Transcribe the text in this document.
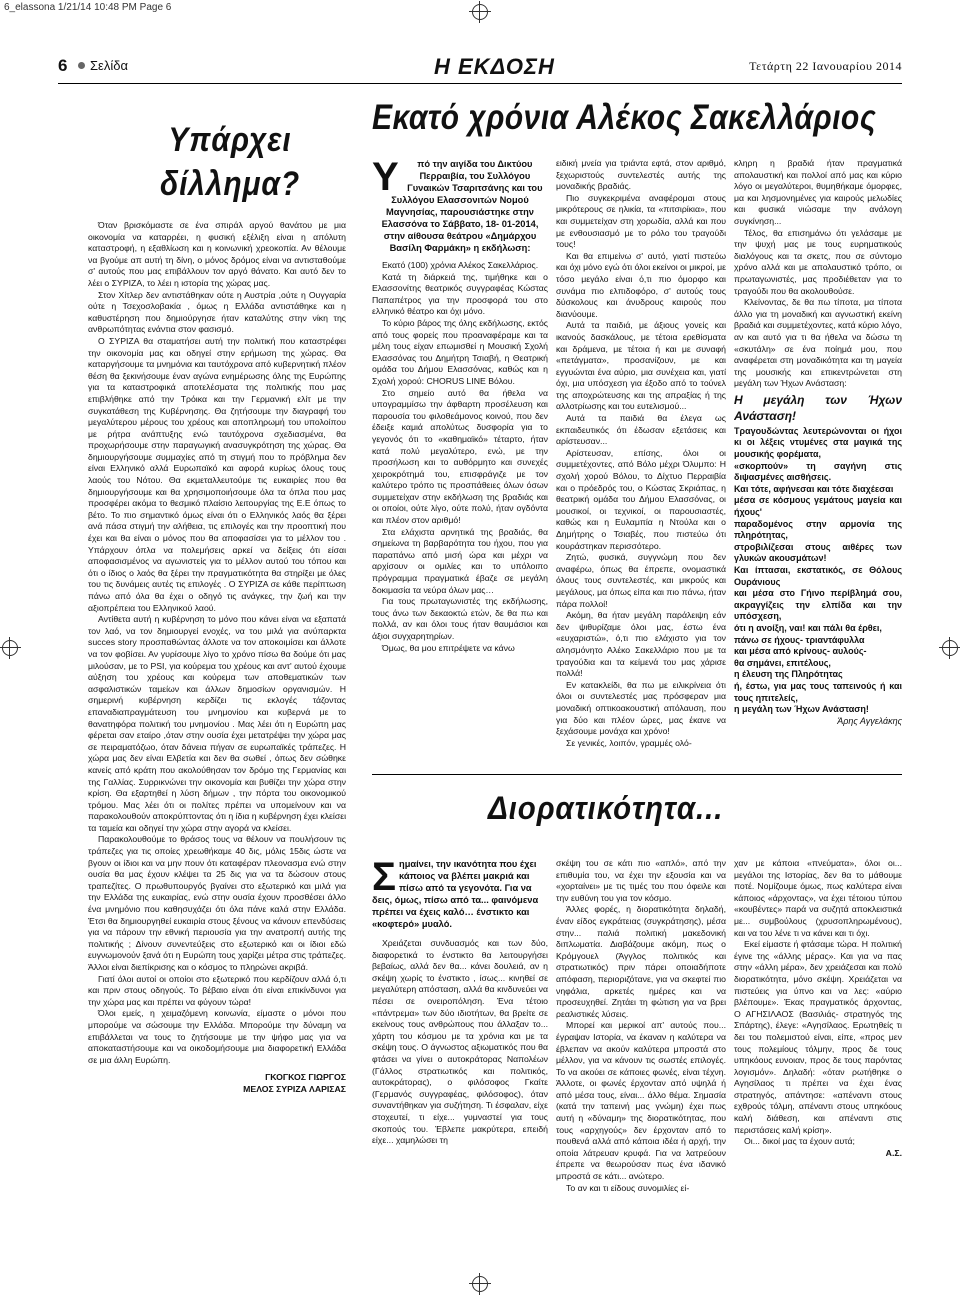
6_elassona 1/21/14 10:48 PM Page 6
6 Σελίδα	Η ΕΚΔΟΣΗ	Τετάρτη 22 Ιανουαρίου 2014
Υπάρχει
δίλλημα?

Όταν βρισκόμαστε σε ένα σπιράλ αργού θανάτου με μια οικονομία να καταρρέει, η φυσική εξέλιξη είναι η απόλυτη καταστροφή, η εξαθλίωση και η κοινωνική χρεοκοπία. Αν θέλουμε να βγούμε απ αυτή τη δίνη, ο μόνος δρόμος είναι να αντισταθούμε σ' αυτούς που μας επιβάλλουν τον αργό θάνατο. Και αυτό δεν το λέει ο ΣΥΡΙΖΑ, το λέει η ιστορία της χώρας μας.

Στον Χίτλερ δεν αντιστάθηκαν ούτε η Αυστρία ,ούτε η Ουγγαρία ούτε η Τσεχοσλοβακία , όμως η Ελλάδα αντιστάθηκε και η καθυστέρηση που δημιούργησε ήταν καταλύτης στην νίκη της ανθρωπότητας ενάντια στον φασισμό.

Ο ΣΥΡΙΖΑ θα σταματήσει αυτή την πολιτική που καταστρέφει την οικονομία μας και οδηγεί στην ερήμωση της χώρας. Θα καταργήσουμε τα μνημόνια και ταυτόχρονα από κυβερνητική πλέον θέση θα ξεκινήσουμε έναν αγώνα ενημέρωσης όλης της Ευρώπης για τα καταστροφικά αποτελέσματα της πολιτικής που μας επιβλήθηκε από την Τρόικα και την Γερμανική ελίτ με την συγκατάθεση της Κυβέρνησης. Θα ζητήσουμε την διαγραφή του μεγαλύτερου μέρους του χρέους και αποπληρωμή του υπολοίπου με ρήτρα ανάπτυξης ενώ ταυτόχρονα σχεδιασμένα, θα προχωρήσουμε στην παραγωγική ανασυγκρότηση της χώρας. Θα δημιουργήσουμε συμμαχίες από τη στιγμή που το πρόβλημα δεν είναι Ελληνικό αλλά Ευρωπαϊκό και αφορά κυρίως όλους τους λαούς του Νότου. Θα εκμεταλλευτούμε τις ευκαιρίες που θα δημιουργήσουμε και θα χρησιμοποιήσουμε όλα τα όπλα που μας προσφέρει ακόμα το θεσμικό πλαίσιο λειτουργίας της Ε.Ε όπως το βέτο. Το πιο σημαντικό όμως είναι ότι ο Ελληνικός λαός θα ξέρει ανά πάσα στιγμή την αλήθεια, τις επιλογές και την προοπτική που έχει και θα είναι ο μόνος που θα αποφασίσει για το μέλλον του . Υπάρχουν όπλα να πολεμήσεις αρκεί να δείξεις ότι είσαι αποφασισμένος να αγωνιστείς για το μέλλον αυτού του τόπου και ότι ο ίδιος ο λαός θα ξέρει την πραγματικότητα θα στηρίξει με όλες του τις δυνάμεις αυτές τις επιλογές . Ο ΣΥΡΙΖΑ σε κάθε περίπτωση πάνω από όλα θα έχει ο οδηγό τις ανάγκες, την ζωή και την αξιοπρέπεια του Ελληνικού λαού.

Αντίθετα αυτή η κυβέρνηση το μόνο που κάνει είναι να εξαπατά τον λαό, να τον δημιουργεί ενοχές, να του μιλά για ανύπαρκτα succes story προσπαθώντας άλλοτε να τον αποκοιμίσει και άλλοτε να τον φοβίσει. Αν γυρίσουμε λίγο το χρόνο πίσω θα δούμε ότι μας μιλούσαν, με το PSI, για κούρεμα του χρέους και αντ' αυτού έχουμε αύξηση του χρέους και κούρεμα των αποθεματικών των ασφαλιστικών ταμείων και άλλων δημοσίων οργανισμών. Η σημερινή κυβέρνηση κερδίζει τις εκλογές τάζοντας επαναδιαπραγμάτευση του μνημονίου και κυβερνά με το θανατηφόρα πολιτική του μνημονίου . Μας λέει ότι η Ευρώπη μας φέρεται σαν εταίρο ,όταν στην ουσία έχει μετατρέψει την χώρα μας σε πειραματόζωο, όταν δάνεια πήγαν σε ευρωπαϊκές τράπεζες. Η χώρα μας δεν είναι Ελβετία και δεν θα σωθεί , όπως δεν σώθηκε κανείς από κράτη που ακολούθησαν τον δρόμο της Γερμανίας και της Γαλλίας. Συρρικνώνει την οικονομία και βυθίζει την χώρα στην κρίση. Θα εξαρτηθεί η λύση δήμων , την πόρτα του οικονομικού τρόμου. Μας λέει ότι οι πολίτες πρέπει να υπομείνουν και να παρακολουθούν αποκρύπτοντας ότι η ίδια η κυβέρνηση έχει κλείσει τα ταμεία και οδηγεί την χώρα στην αγορά να κλείσει.

Παρακολουθούμε το θράσος τους να θέλουν να πουλήσουν τις τράπεζες για τις οποίες χρεωθήκαμε 40 δις, μόλις 15δις ώστε να βγουν οι ίδιοι και να μην πουν ότι καταφέραν πλεονασμα ενώ στην ουσία θα μας έχουν κλέψει τα 25 δις για να τα δώσουν στους τραπεζίτες. Ο πρωθυπουργός βγαίνει στο εξωτερικό και μιλά για την Ελλάδα της ευκαιρίας, ενώ στην ουσία έχουν προσθέσει άλλο ένα μνημόνιο που καθησυχάζει ότι όλα πάνε καλά στην Ελλάδα. Έτσι θα δημιουργηθεί ευκαιρία στους ξένους να κάνουν επενδύσεις για να πάρουν την εθνική περιουσία για την ανατροπή αυτής της πολιτικής ; Δίνουν συνεντεύξεις στο εξωτερικό και οι ίδιοι εδώ ευγνωμονούν ξανά ότι η Ευρώπη τους χαρίζει μέτρα στις τράπεζες. Άλλοι είναι διεπίκρισης και ο κόσμος το πληρώνει ακριβά.

Γιατί όλοι αυτοί οι οποίοι στο εξωτερικό που κερδίζουν αλλά ό,τι και πριν στους οδηγούς. Το βέβαιο είναι ότι είναι επικίνδυνοι για την χώρα μας και πρέπει να φύγουν τώρα!

Όλοι εμείς, η χειμαζόμενη κοινωνία, είμαστε ο μόνοι που μπορούμε να σώσουμε την Ελλάδα. Μπορούμε την δύναμη να επιβάλλεται να τους το ζητήσουμε με την ψήφο μας για να αποκαταστήσουμε και να οικοδομήσουμε μια διαφορετική Ελλάδα σε μια άλλη Ευρώπη.

ΓΚΟΓΚΟΣ ΓΙΩΡΓΟΣ
ΜΕΛΟΣ ΣΥΡΙΖΑ ΛΑΡΙΣΑΣ
Εκατό χρόνια Αλέκος Σακελλάριος
Υ πό την αιγίδα του Δικτύου Περραιβία, του Συλλόγου Γυναικών Τσαριτσάνης και του Συλλόγου Ελασσονιτών Νομού Μαγνησίας, παρουσιάστηκε στην Ελασσόνα το Σάββατο, 18- 01-2014, στην αίθουσα θεάτρου «Δημάρχου Βασίλη Φαρμάκη» η εκδήλωση:

Εκατό (100) χρόνια Αλέκος Σακελλάριος.

Κατά τη διάρκειά της, τιμήθηκε και ο Ελασσονίτης θεατρικός συγγραφέας Κώστας Παπαπέτρος για την προσφορά του στο ελληνικό θέατρο και όχι μόνο.

Το κύριο βάρος της όλης εκδήλωσης, εκτός από τους φορείς που προαναφέραμε και τα μέλη τους είχαν επωμισθεί η Μουσική Σχολή Ελασσόνας του Δημήτρη Τσιαβή, η Θεατρική ομάδα του Δήμου Ελασσόνας, καθώς και η Σχολή χορού: CHORUS LINE Βόλου.

Στο σημείο αυτό θα ήθελα να υπογραμμίσω την άφθαρτη προσέλευση και παρουσία του φιλοθεάμονος κοινού, που δεν έδειξε καμιά απολύτως δυσφορία για το γεγονός ότι το «καθημαϊκό» τέταρτο, ήταν κατά πολύ μεγαλύτερο, ενώ, με την προσήλωση και το αυθόρμητο και συνεχές χειροκρότημά του, επισφράγιζε με τον καλύτερο τρόπο τις προσπάθειες όλων όσων συμμετείχαν στην εκδήλωση της βραδιάς και οι οποίοι, ούτε λίγο, ούτε πολύ, ήταν ογδόντα και πλέον στον αριθμό!

Στα ελάχιστα αρνητικά της βραδιάς, θα σημείωνα τη βαρβαρότητα του ήχου, που για παραπάνω από μισή ώρα και μέχρι να αρχίσουν οι ομιλίες και το υπόλοιπο πρόγραμμα πραγματικά έβαζε σε μεγάλη δοκιμασία τα νεύρα όλων μας…

Για τους πρωταγωνιστές της εκδήλωσης, τους άνω των δεκαοκτώ ετών, δε θα πω και πολλά, αν και όλοι τους ήταν θαυμάσιοι και άξιοι συγχαρητηρίων.

Όμως, θα μου επιτρέψετε να κάνω

ειδική μνεία για τριάντα εφτά, στον αριθμό, ξεχωριστούς συντελεστές αυτής της μοναδικής βραδιάς.

Πιο συγκεκριμένα αναφέρομαι στους μικρότερους σε ηλικία, τα «πιτσιρίκια», που και συμμετείχαν στη χορωδία, αλλά και που με ενθουσιασμό με το ρόλο του τραγούδι τους!

Και θα επιμείνω σ' αυτό, γιατί πιστεύω και όχι μόνο εγώ ότι όλοι εκείνοι οι μικροί, με τόσο μεγάλο είναι ό,τι πιο όμορφο και συνάμα πιο ελπιδοφόρο, σ' αυτούς τους δύσκολους και άνυδρους καιρούς που διανύουμε.

Αυτά τα παιδιά, με άξιους γονείς και ικανούς δασκάλους, με τέτοια ερεθίσματα και δράμενα, με τέτοια ή και με συναφή «πετάγματα», προσανίζουν, με και εγγυώνται ένα αύριο, μια συνέχεια και, γιατί όχι, μια υπόσχεση για έξοδο από το τούνελ της αποχρώτευσης και της απραξίας ή της αλλοτρίωσης και του ευτελισμού...

Αυτά τα παιδιά θα έλεγα ως εκπαιδευτικός ότι έδωσαν εξετάσεις και αρίστευσαν...

Αρίστευσαν, επίσης, όλοι οι συμμετέχοντες, από Βόλο μέχρι Όλυμπο: Η σχολή χορού Βόλου, το Δίχτυο Περραιβία και ο πρόεδρός του, ο Κώστας Σκριάπας, η θεατρική ομάδα του Δήμου Ελασσόνας, οι μουσικοί, οι τεχνικοί, οι παρουσιαστές, καθώς και η Ευλαμπία η Ντούλα και ο Δημήτρης ο Τσιαβές, που πιστεύω ότι κουράστηκαν περισσότερο.

Ζητώ, φυσικά, συγγνώμη που δεν αναφέρω, όπως θα έπρεπε, ονομαστικά όλους τους συντελεστές, και μικρούς και μεγάλους, μα όπως είπα και πιο πάνω, ήταν πάρα πολλοί!

Ακόμη, θα ήταν μεγάλη παράλειψη εάν δεν ψιθυρίζαμε όλοι μας, έστω ένα «ευχαριστώ», ό,τι πιο ελάχιστο για τον αλησμόνητο Αλέκο Σακελλάριο που με τα τραγούδια και τα κείμενά του μας χάρισε πολλά!

Εν κατακλείδι, θα πω με ειλικρίνεια ότι όλοι οι συντελεστές μας πρόσφεραν μια μοναδική οπτικοακουστική απόλαυση, που για δύο και πλέον ώρες, μας έκανε να ξεχάσουμε μονάχα και χρόνο!

Σε γενικές, λοιπόν, γραμμές ολό-

κληρη η βραδιά ήταν πραγματικά απολαυστική και πολλοί από μας και κύριο λόγο οι μεγαλύτεροι, θυμηθήκαμε όμορφες, μα και λησμονημένες για καιρούς μελωδίες και φυσικά νιώσαμε την ανάλογη συγκίνηση...

Τέλος, θα επισημάνω ότι γελάσαμε με την ψυχή μας με τους ευρηματικούς διαλόγους και τα σκετς, που σε σύντομο χρόνο αλλά και με απολαυστικό τρόπο, οι πρωταγωνιστές, μας προδιέθεταν για το τραγούδι που θα ακολουθούσε.

Κλείνοντας, δε θα πω τίποτα, μα τίποτα άλλο για τη μοναδική και αγνωστική εκείνη βραδιά και συμμετέχοντες, κατά κύριο λόγο, αν και αυτό για τι θα ήθελα να δώσω τη «σκυτάλη» σε ένα ποίημά μου, που αναφέρεται στη μοναδικότητα και τη μαγεία της μουσικής και επικεντρώνεται στη μεγάλη των Ήχων Ανάσταση:

Η μεγάλη των Ήχων Ανάσταση!

Τραγουδώντας λευτερώνονται οι ήχοι κι οι λέξεις ντυμένες στα μαγικά της μουσικής φορέματα,

«σκορπούν» τη σαγήνη στις διψασμένες αισθήσεις.

Και τότε, αφήνεσαι και τότε διαχέεσαι

μέσα σε κόσμους γεμάτους μαγεία και ήχους'

παραδομένος στην αρμονία της πληρότητας,

στροβιλίζεσαι στους αιθέρες των γλυκών ακουσμάτων!

Και ίπτασαι, εκστατικός, σε Θόλους Ουράνιους

και μέσα στο Γήινο περίβλημά σου, ακραγγίζεις την ελπίδα και την υπόσχεση,

ότι η ανοίξη, ναι! και πάλι θα έρθει,

πάνω σε ήχους- τριαντάφυλλα

και μέσα από κρίνους- αυλούς-

θα σημάνει, επιτέλους,

η έλευση της Πληρότητας

ή, έστω, για μας τους ταπεινούς ή και τους ηπιτελείς,

η μεγάλη των Ήχων Ανάσταση!

Άρης Αγγελάκης
Διορατικότητα...
Σημαίνει, την ικανότητα που έχει κάποιος να βλέπει μακριά και πίσω από τα γεγονότα. Για να δεις, όμως, πίσω από τα... φαινόμενα πρέπει να έχεις καλό… ένστικτο και «κοφτερό» μυαλό.

Χρειάζεται συνδυασμός και των δύο, διαφορετικά το ένστικτο θα λειτουργήσει βεβαίως, αλλά δεν θα... κάνει δουλειά, αν η σκέψη χωρίς το ένστικτο , ίσως... κινηθεί σε μεγαλύτερη απόσταση, αλλά θα κινδυνεύει να πέσει σε ονειροπόληση. Ένα τέτοιο «πάντρεμα» των δύο ιδιοτήτων, θα βρείτε σε εκείνους τους ανθρώπους που άλλαξαν το... χάρτη του κόσμου με τα χρόνια και με τα σκέψη τους. Ο άγνωστος αξιωματικός που θα φτάσει να γίνει ο αυτοκράτορας Ναπολέων (Γάλλος στρατιωτικός και πολιτικός, αυτοκράτορας), ο φιλόσοφος Γκαίτε (Γερμανός συγγραφέας, φιλόσοφος), όταν συναντήθηκαν για συζήτηση. Τι έσφαλαν, είχε στοχευτεί, τι είχε... γυμναστεί για τους σκοπούς του. Έβλεπε μακρύτερα, επειδή είχε... χαμηλώσει τη

σκέψη του σε κάτι πιο «απλό», από την επιθυμία του, να έχει την εξουσία και να «χορταίνει» με τις τιμές του που όφειλε και την ευθύνη του για τον κόσμο.

Άλλες φορές, η διορατικότητα δηλαδή, έναν είδος εγκράτειας (συγκράτησης), μέσα στην... παλιά πολιτική μακεδονική διπλωματία. Διαβάζουμε ακόμη, πως ο Κρόμγουελ (Άγγλος πολιτικός και στρατιωτικός) πριν πάρει οποιαδήποτε απόφαση, περιοριζότανε, για να σκεφτεί πιο νηφάλια, αρκετές ημέρες και να προσευχηθεί. Ζητάει τη φώτιση για να βρει ρεαλιστικές λύσεις.

Μπορεί και μερικοί απ' αυτούς που... έγραψαν Ιστορία, να έκαναν η καλύτερα να έβλεπαν να ακούν καλύτερα μπροστά στο μέλλον, για να κάνουν τις σωστές επιλογές. Το να ακούει σε κάποιες φωνές, είναι τέχνη. Άλλοτε, οι φωνές έρχονταν από υψηλά ή από μέσα τους, είναι... άλλο θέμα. Σημασία (κατά την ταπεινή μας γνώμη) έχει πως αυτή η «δύναμη» της διορατικότητας, που τους «αρχηγούς» δεν έρχονταν από το πουθενά αλλά από κάποια ιδέα ή αρχή, την οποία λάτρευαν κρυφά. Για να λατρεύουν έπρεπε να θεωρούσαν πως ένα ιδανικό μπροστά σε κάτι... ανώτερο.

Το αν και τι είδους συνομιλίες εί-

χαν με κάποια «πνεύματα», όλοι οι... μεγάλοι της Ιστορίας, δεν θα το μάθουμε ποτέ. Νομίζουμε όμως, πως καλύτερα είναι κάποιος «άρχοντας», να έχει τέτοιου τύπου «κουβέντες» παρά να συζητά αποκλειστικά με... συμβούλους (χρυσοπληρωμένους), και να του λένε τι να κάνει και τι όχι.

Εκεί είμαστε ή φτάσαμε τώρα. Η πολιτική έγινε της «άλλης μέρας». Και για να πας στην «άλλη μέρα», δεν χρειάζεσαι και πολύ διορατικότητα, μόνο σκέψη. Χρειάζεται να πιστεύεις για ύπνο και να λες: «αύριο βλέπουμε». Έκας πραγματικός άρχοντας, Ο ΑΓΗΣΙΛΑΟΣ (Βασιλιάς- στρατηγός της Σπάρτης), έλεγε: «Αγησίλαος. Ερωτηθείς τι δει του πολεμιστού είναι, είπε, «προς μεν τους πολεμίους τόλμην, προς δε τους υπηκόους ευνοιαν, προς δε τους παρόντας λογισμόν». Δηλαδή: «όταν ρωτήθηκε ο Αγησίλαος τι πρέπει να έχει ένας στρατηγός, απάντησε: «απέναντι στους εχθρούς τόλμη, απέναντι στους υπηκόους καλή διάθεση, και απέναντι στις περιστάσεις καλή κρίση».

Οι... δικοί μας τα έχουν αυτά;

Α.Σ.
